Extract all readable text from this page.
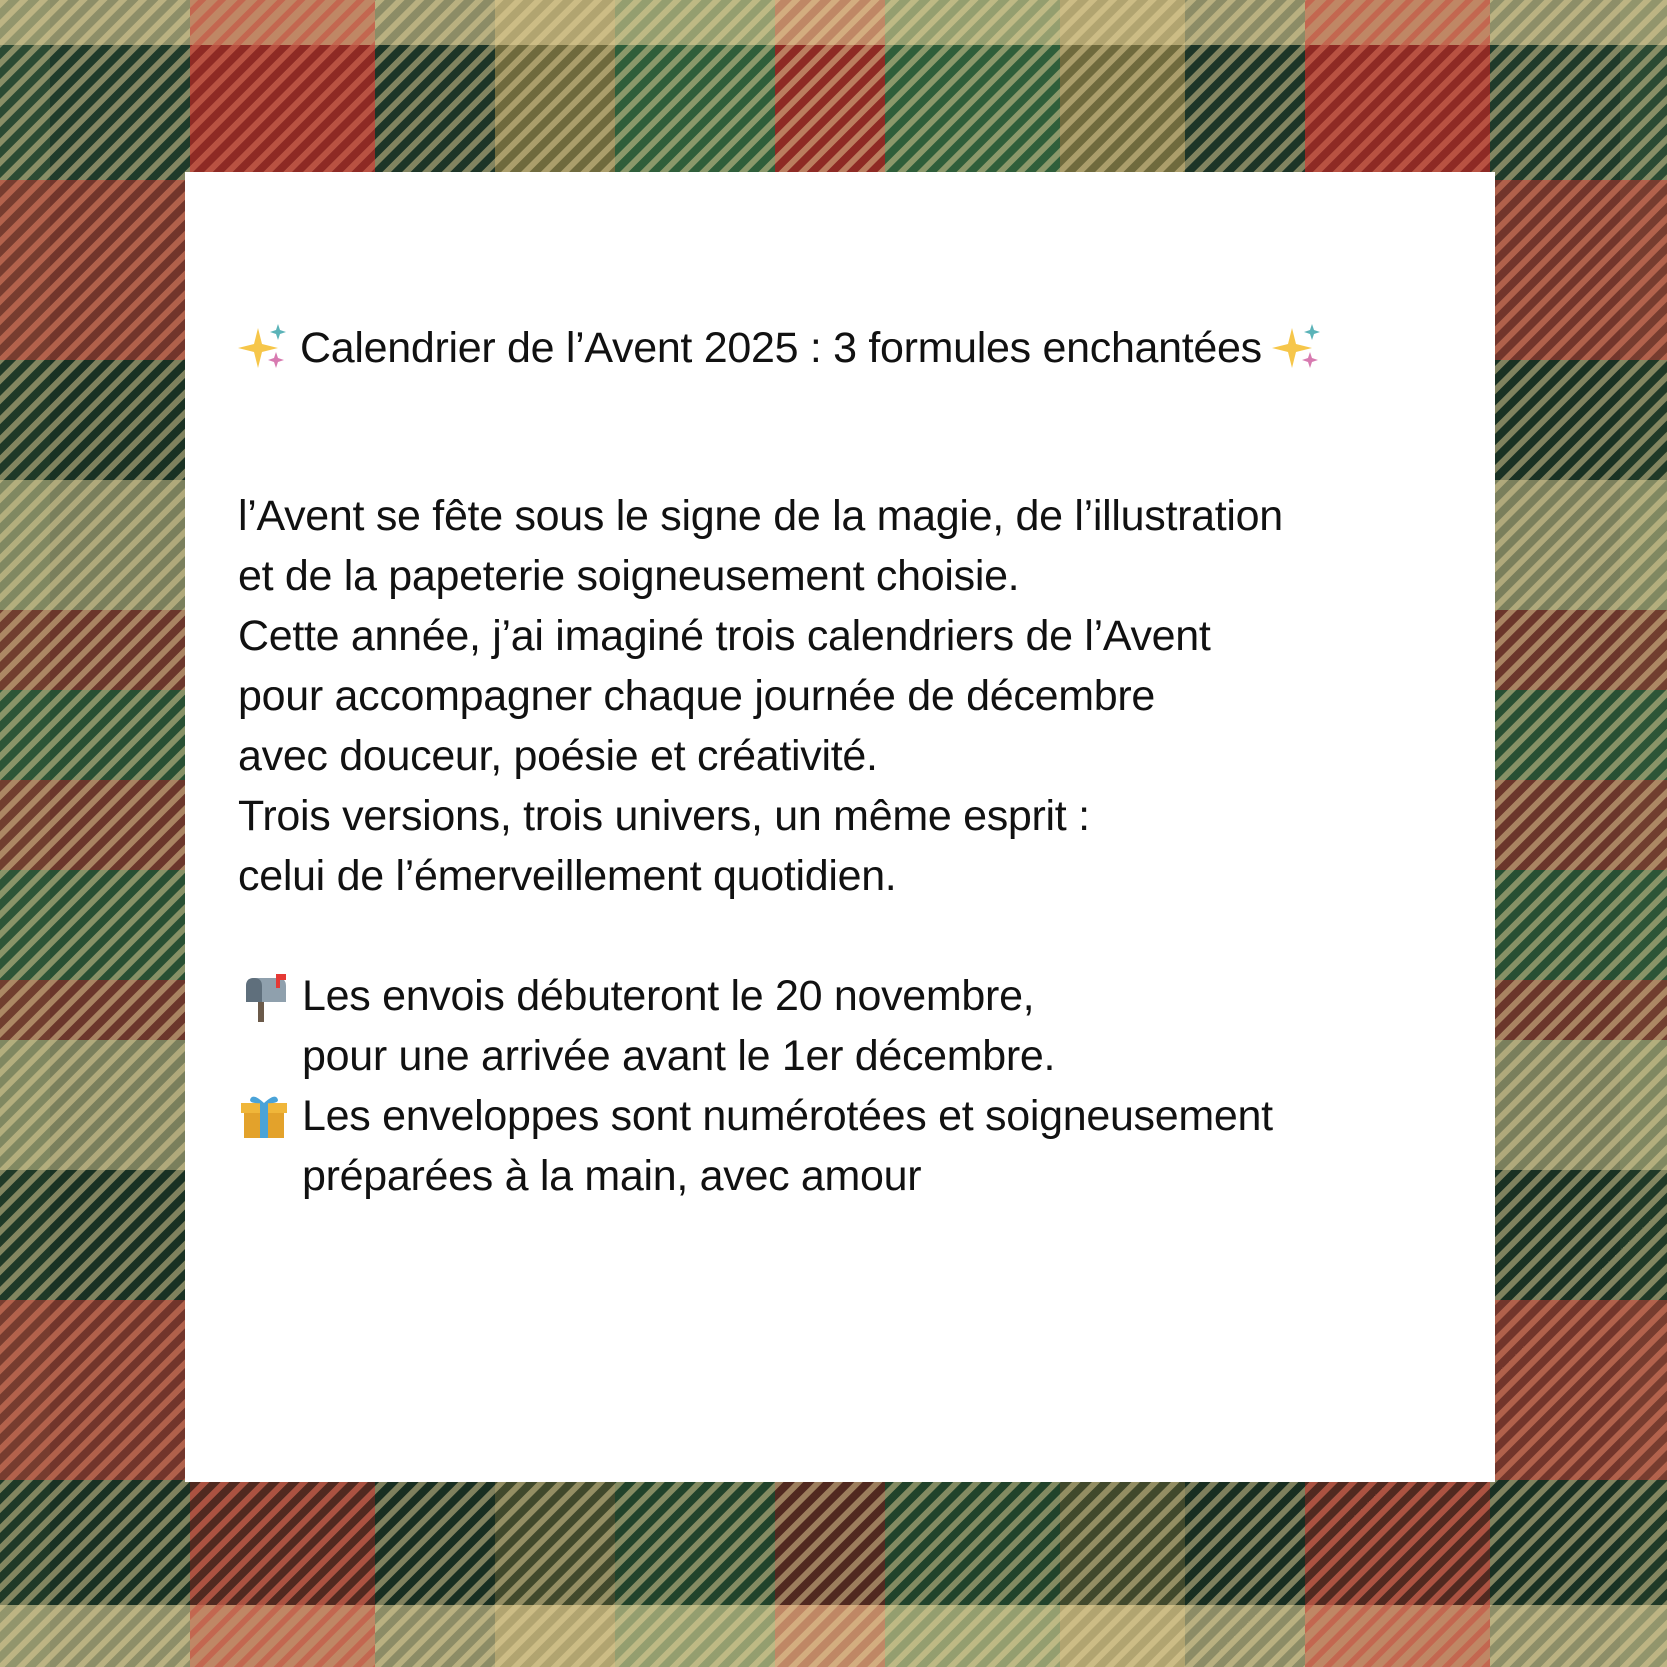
Calendrier de l’Avent 2025 : 3 formules enchantées
l’Avent se fête sous le signe de la magie, de l’illustration
et de la papeterie soigneusement choisie.
Cette année, j’ai imaginé trois calendriers de l’Avent
pour accompagner chaque journée de décembre
avec douceur, poésie et créativité.
Trois versions, trois univers, un même esprit :
celui de l’émerveillement quotidien.
Les envois débuteront le 20 novembre,
pour une arrivée avant le 1er décembre.
Les enveloppes sont numérotées et soigneusement
préparées à la main, avec amour
